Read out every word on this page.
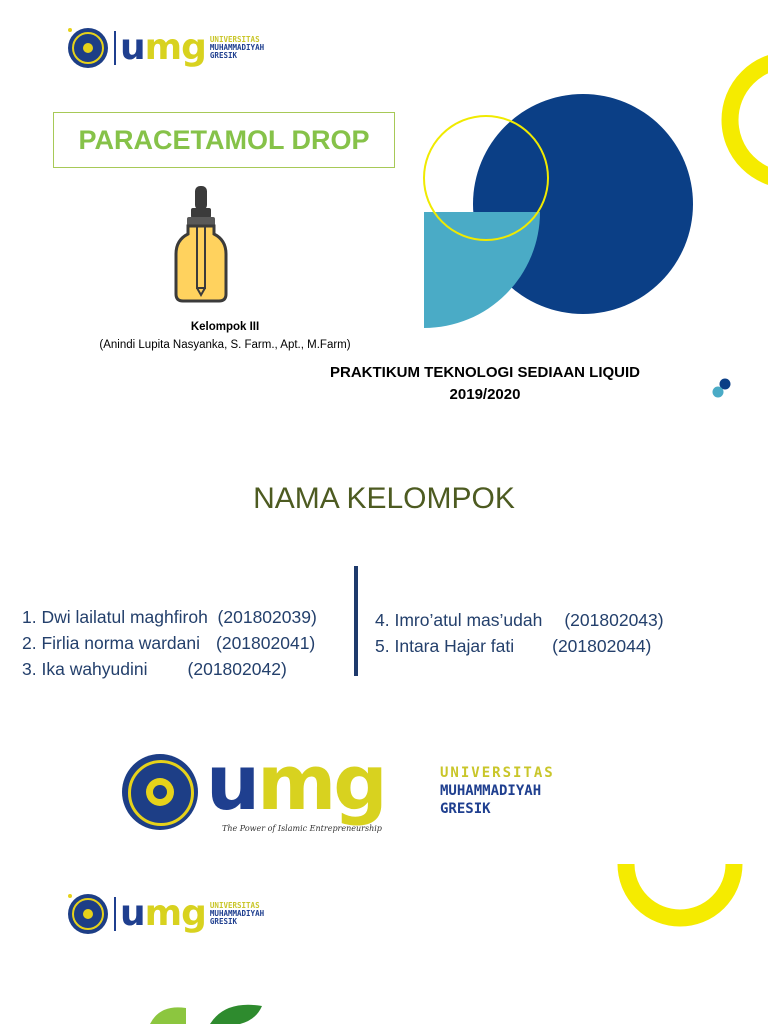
umg UNIVERSITAS
MUHAMMADIYAH
GRESIK
PARACETAMOL DROP
Kelompok III
(Anindi Lupita Nasyanka, S. Farm., Apt., M.Farm)
PRAKTIKUM TEKNOLOGI SEDIAAN LIQUID
2019/2020
NAMA KELOMPOK
1. Dwi lailatul maghfiroh (201802039)
2. Firlia norma wardani (201802041)
3. Ika wahyudini (201802042)
4. Imro’atul mas’udah (201802043)
5. Intara Hajar fati (201802044)
umg
The Power of Islamic Entrepreneurship
UNIVERSITAS
MUHAMMADIYAH
GRESIK
umg UNIVERSITAS
MUHAMMADIYAH
GRESIK
